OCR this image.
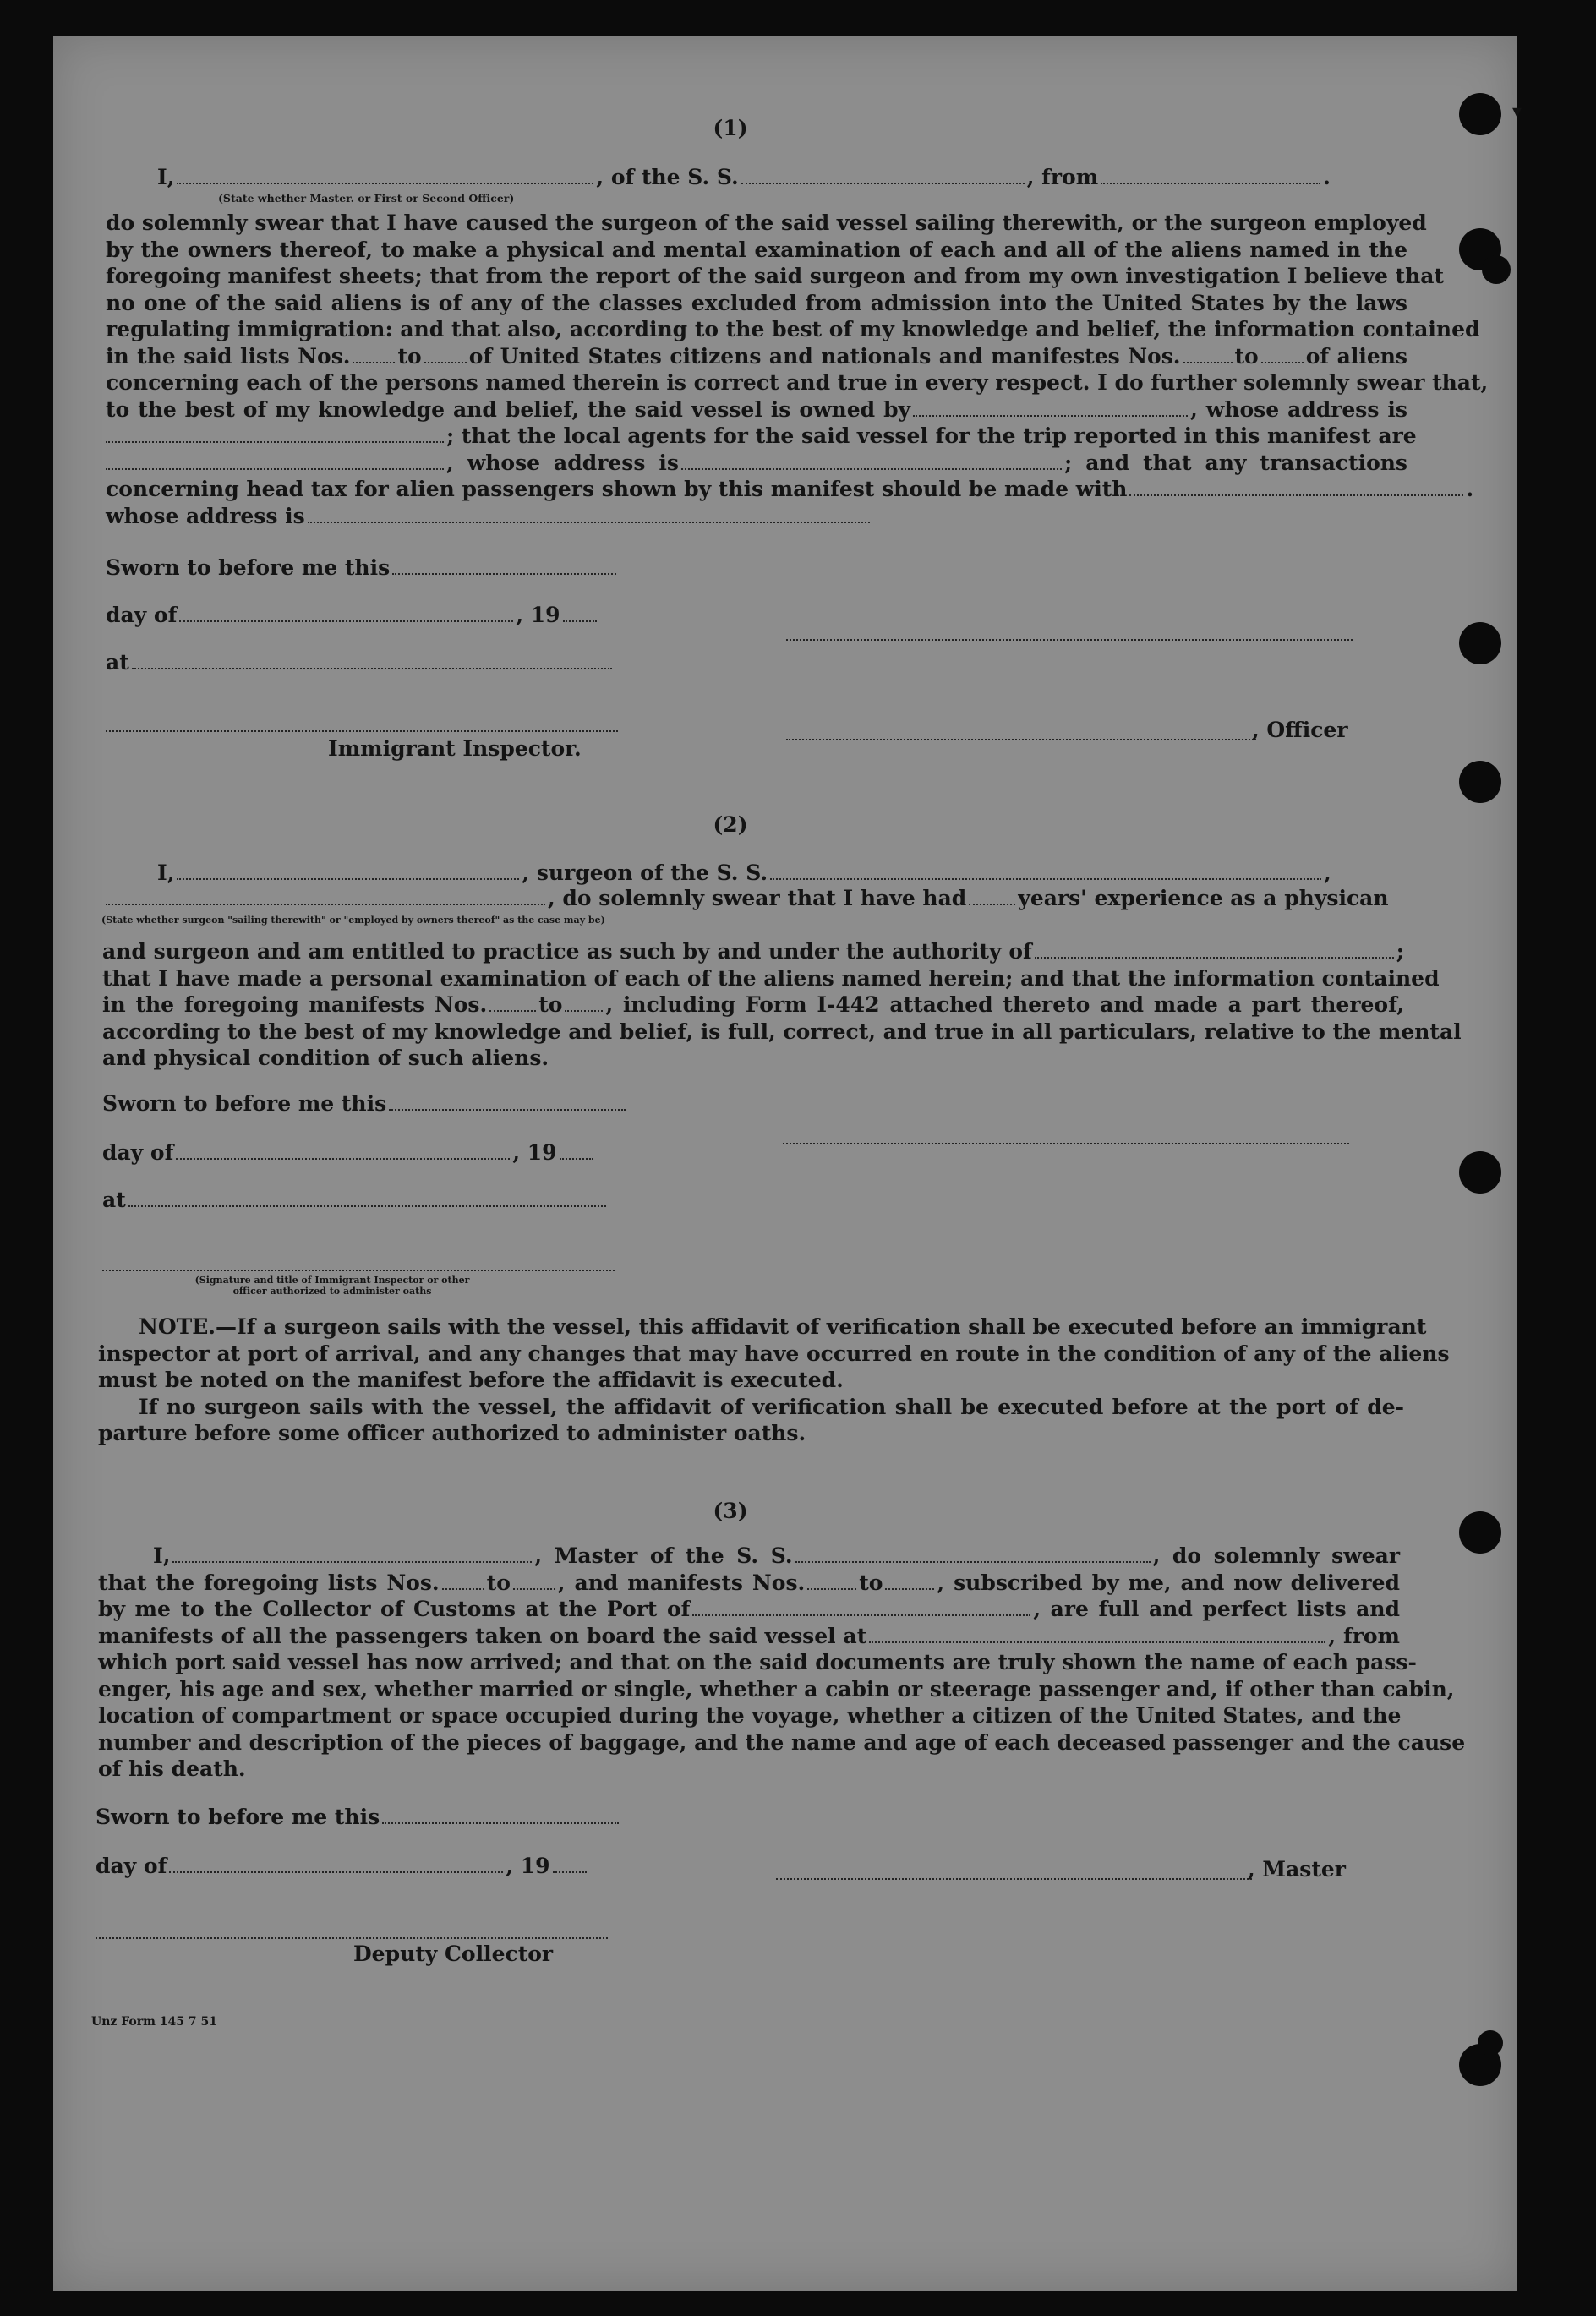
▾
(1)
I,	, of the S. S.	, from	.
(State whether Master. or First or Second Officer)

do solemnly swear that I have caused the surgeon of the said vessel sailing therewith, or the surgeon employed

by the owners thereof, to make a physical and mental examination of each and all of the aliens named in the

foregoing manifest sheets; that from the report of the said surgeon and from my own investigation I believe that

no one of the said aliens is of any of the classes excluded from admission into the United States by the laws

regulating immigration: and that also, according to the best of my knowledge and belief, the information contained

in the said lists Nos. to of United States citizens and nationals and manifestes Nos.	to of aliens

concerning each of the persons named therein is correct and true in every respect. I do further solemnly swear that,

to the best of my knowledge and belief, the said vessel is owned by	, whose address is

; that the local agents for the said vessel for the trip reported in this manifest are

, whose address is	; and that any transactions

concerning head tax for alien passengers shown by this manifest should be made with	.

whose address is

Sworn to before me this
day of	, 19
at
, Officer
Immigrant Inspector.
(2)
I,	, surgeon of the S. S.	,
, do solemnly swear that I have had years' experience as a physican
(State whether surgeon "sailing therewith" or "employed by owners thereof" as the case may be)

and surgeon and am entitled to practice as such by and under the authority of	;

that I have made a personal examination of each of the aliens named herein; and that the information contained

in the foregoing manifests Nos. to , including Form I-442 attached thereto and made a part thereof,

according to the best of my knowledge and belief, is full, correct, and true in all particulars, relative to the mental

and physical condition of such aliens.

Sworn to before me this
day of	, 19
at
(Signature and title of Immigrant Inspector or other
officer authorized to administer oaths

NOTE.—If a surgeon sails with the vessel, this affidavit of verification shall be executed before an immigrant

inspector at port of arrival, and any changes that may have occurred en route in the condition of any of the aliens

must be noted on the manifest before the affidavit is executed.

If no surgeon sails with the vessel, the affidavit of verification shall be executed before at the port of de-

parture before some officer authorized to administer oaths.

(3)

I,	, Master of the S. S.	, do solemnly swear

that the foregoing lists Nos. to , and manifests Nos.	to	, subscribed by me, and now delivered

by me to the Collector of Customs at the Port of	, are full and perfect lists and

manifests of all the passengers taken on board the said vessel at	, from

which port said vessel has now arrived; and that on the said documents are truly shown the name of each pass-

enger, his age and sex, whether married or single, whether a cabin or steerage passenger and, if other than cabin,

location of compartment or space occupied during the voyage, whether a citizen of the United States, and the

number and description of the pieces of baggage, and the name and age of each deceased passenger and the cause

of his death.

Sworn to before me this
day of	, 19	, Master
Deputy Collector
Unz Form 145 7 51
